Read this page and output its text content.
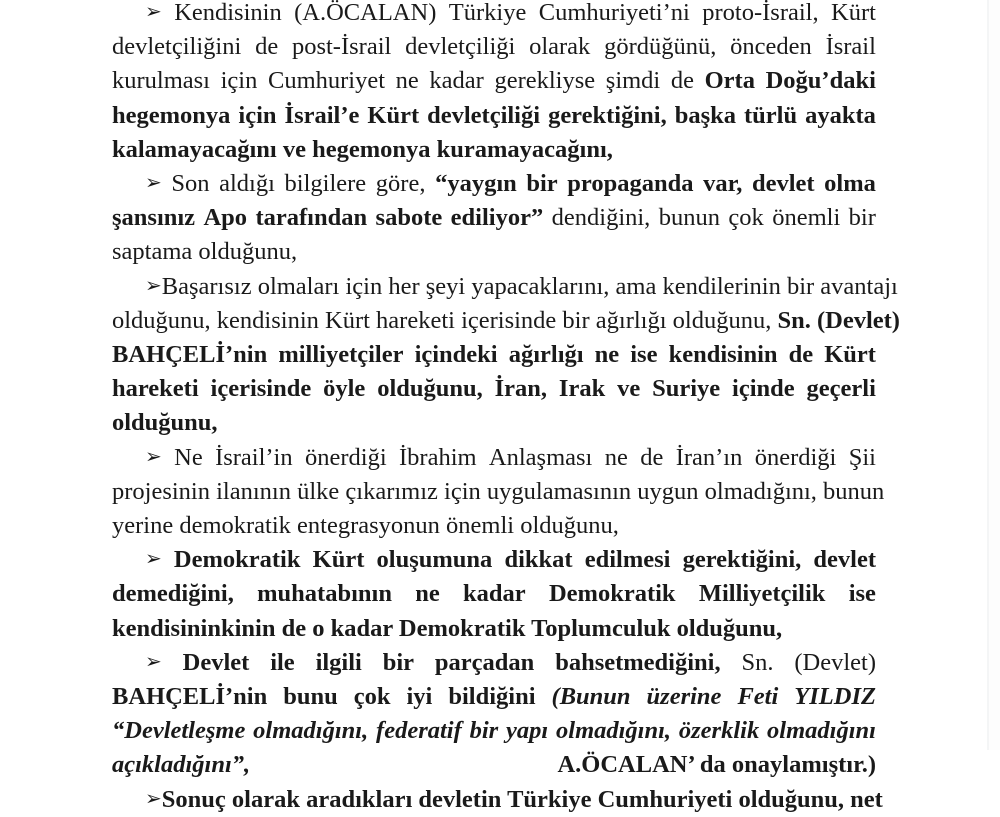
➢ Kendisinin (A.ÖCALAN) Türkiye Cumhuriyeti’ni proto-İsrail, Kürt
devletçiliğini de post-İsrail devletçiliği olarak gördüğünü, önceden İsrail
kurulması için Cumhuriyet ne kadar gerekliyse şimdi de Orta Doğu’daki
hegemonya için İsrail’e Kürt devletçiliği gerektiğini, başka türlü ayakta
kalamayacağını ve hegemonya kuramayacağını,
➢ Son aldığı bilgilere göre, “yaygın bir propaganda var, devlet olma
şansınız Apo tarafından sabote ediliyor” dendiğini, bunun çok önemli bir
saptama olduğunu,
➢ Başarısız olmaları için her şeyi yapacaklarını, ama kendilerinin bir avantajı
olduğunu, kendisinin Kürt hareketi içerisinde bir ağırlığı olduğunu, Sn. (Devlet)
BAHÇELİ’nin milliyetçiler içindeki ağırlığı ne ise kendisinin de Kürt
hareketi içerisinde öyle olduğunu, İran, Irak ve Suriye içinde geçerli
olduğunu,
➢ Ne İsrail’in önerdiği İbrahim Anlaşması ne de İran’ın önerdiği Şii
projesinin ilanının ülke çıkarımız için uygulamasının uygun olmadığını, bunun
yerine demokratik entegrasyonun önemli olduğunu,
➢ Demokratik Kürt oluşumuna dikkat edilmesi gerektiğini, devlet
demediğini, muhatabının ne kadar Demokratik Milliyetçilik ise
kendisininkinin de o kadar Demokratik Toplumculuk olduğunu,
➢ Devlet ile ilgili bir parçadan bahsetmediğini, Sn. (Devlet)
BAHÇELİ’nin bunu çok iyi bildiğini (Bunun üzerine Feti YILDIZ
“Devletleşme olmadığını, federatif bir yapı olmadığını, özerklik olmadığını
açıkladığını”,	A.ÖCALAN’ da onaylamıştır.)
➢ Sonuç olarak aradıkları devletin Türkiye Cumhuriyeti olduğunu, net
